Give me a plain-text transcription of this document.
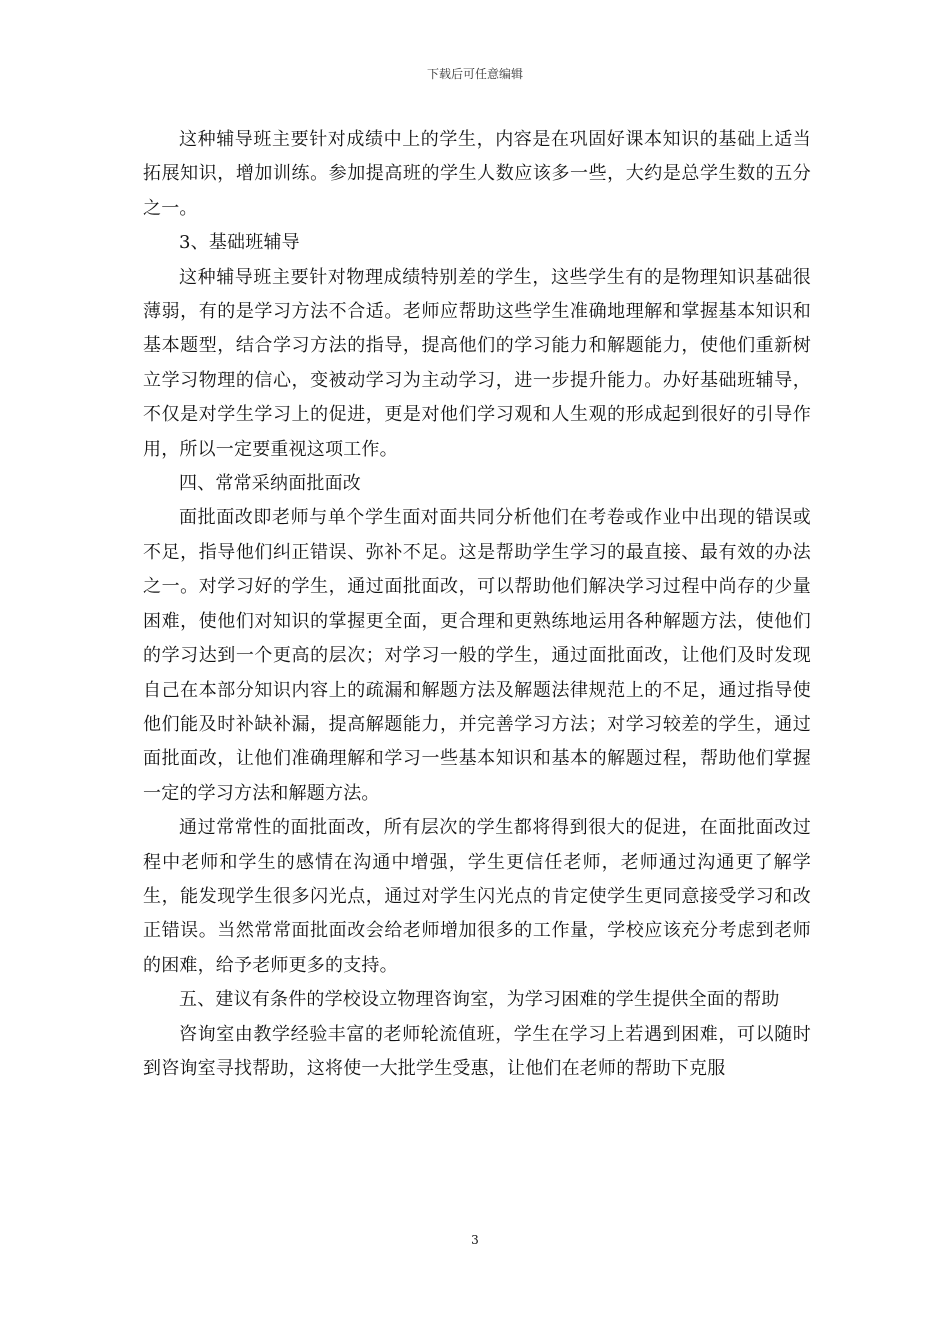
下载后可任意编辑

这种辅导班主要针对成绩中上的学生，内容是在巩固好课本知识的基础上适当拓展知识，增加训练。参加提高班的学生人数应该多一些，大约是总学生数的五分之一。

3、基础班辅导

这种辅导班主要针对物理成绩特别差的学生，这些学生有的是物理知识基础很薄弱，有的是学习方法不合适。老师应帮助这些学生准确地理解和掌握基本知识和基本题型，结合学习方法的指导，提高他们的学习能力和解题能力，使他们重新树立学习物理的信心，变被动学习为主动学习，进一步提升能力。办好基础班辅导，不仅是对学生学习上的促进，更是对他们学习观和人生观的形成起到很好的引导作用，所以一定要重视这项工作。

四、常常采纳面批面改

面批面改即老师与单个学生面对面共同分析他们在考卷或作业中出现的错误或不足，指导他们纠正错误、弥补不足。这是帮助学生学习的最直接、最有效的办法之一。对学习好的学生，通过面批面改，可以帮助他们解决学习过程中尚存的少量困难，使他们对知识的掌握更全面，更合理和更熟练地运用各种解题方法，使他们的学习达到一个更高的层次；对学习一般的学生，通过面批面改，让他们及时发现自己在本部分知识内容上的疏漏和解题方法及解题法律规范上的不足，通过指导使他们能及时补缺补漏，提高解题能力，并完善学习方法；对学习较差的学生，通过面批面改，让他们准确理解和学习一些基本知识和基本的解题过程，帮助他们掌握一定的学习方法和解题方法。

通过常常性的面批面改，所有层次的学生都将得到很大的促进，在面批面改过程中老师和学生的感情在沟通中增强，学生更信任老师，老师通过沟通更了解学生，能发现学生很多闪光点，通过对学生闪光点的肯定使学生更同意接受学习和改正错误。当然常常面批面改会给老师增加很多的工作量，学校应该充分考虑到老师的困难，给予老师更多的支持。

五、建议有条件的学校设立物理咨询室，为学习困难的学生提供全面的帮助

咨询室由教学经验丰富的老师轮流值班，学生在学习上若遇到困难，可以随时到咨询室寻找帮助，这将使一大批学生受惠，让他们在老师的帮助下克服

3
